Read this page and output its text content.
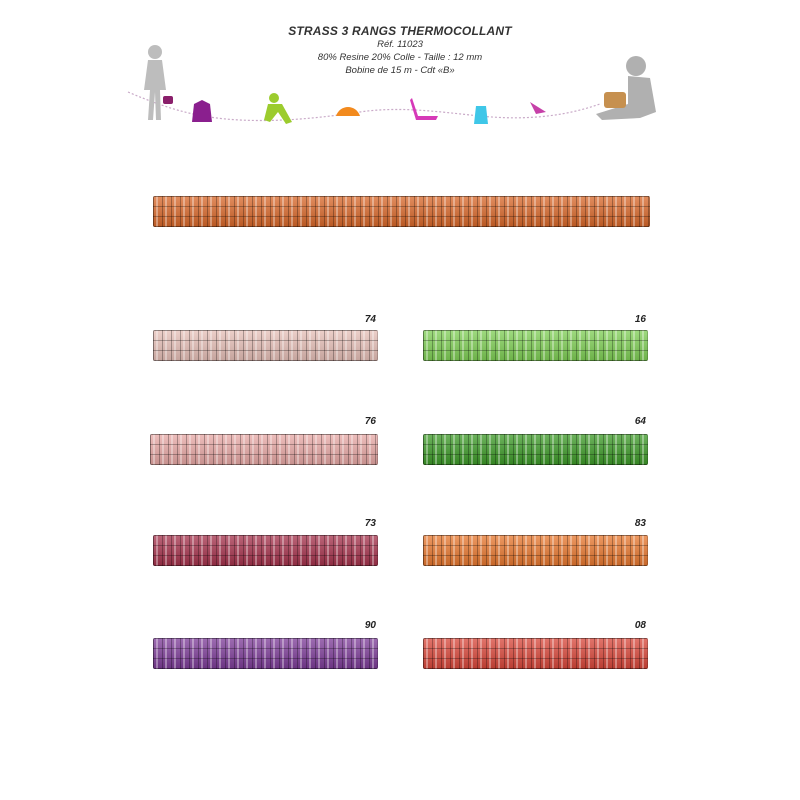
STRASS 3 RANGS THERMOCOLLANT
Réf. 11023
80% Resine 20% Colle - Taille : 12 mm
Bobine de 15 m - Cdt «B»
74	16
76	64
73	83
90	08
